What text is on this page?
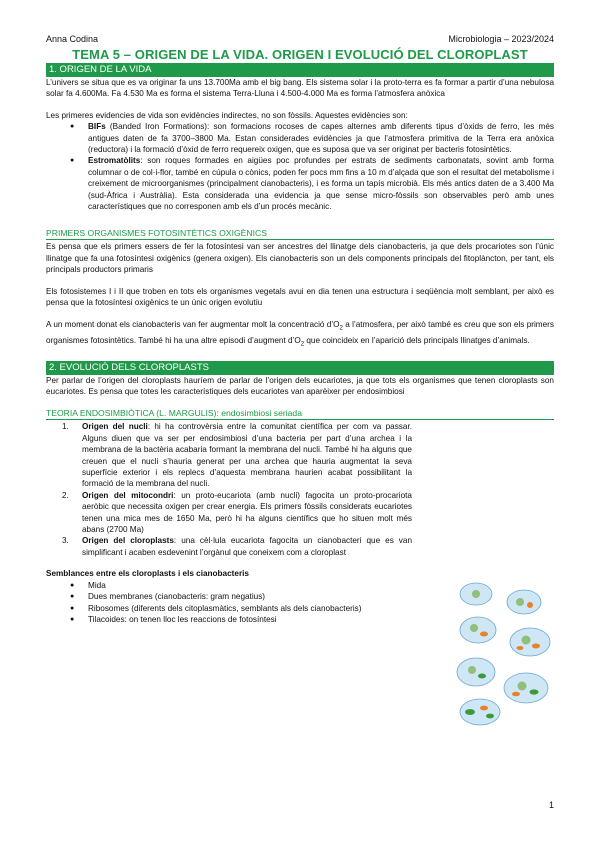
Anna Codina	Microbiologia – 2023/2024
TEMA 5 – ORIGEN DE LA VIDA. ORIGEN I EVOLUCIÓ DEL CLOROPLAST
1. ORIGEN DE LA VIDA

L’univers se situa que es va originar fa uns 13.700Ma amb el big bang. Els sistema solar i la proto-terra es fa formar a partir d’una nebulosa solar fa 4.600Ma. Fa 4.530 Ma es forma el sistema Terra-Lluna i 4.500-4.000 Ma es forma l’atmosfera anòxica

Les primeres evidencies de vida son evidències indirectes, no son fòssils. Aquestes evidències son:

● BIFs (Banded Iron Formations): son formacions rocoses de capes alternes amb diferents tipus d’òxids de ferro, les més antigues daten de fa 3700–3800 Ma. Estan considerades evidències ja que l’atmosfera primitiva de la Terra era anòxica (reductora) i la formació d’òxid de ferro requereix oxigen, que es suposa que va ser originat per bacteris fotosintètics.
● Estromatòlits: son roques formades en aigües poc profundes per estrats de sediments carbonatats, sovint amb forma columnar o de col·i-flor, també en cúpula o cònics, poden fer pocs mm fins a 10 m d’alçada que son el resultat del metabolisme i creixement de microorganismes (principalment cianobacteris), i es forma un tapís microbià. Els més antics daten de a 3.400 Ma (sud-Àfrica i Austràlia). Esta considerada una evidencia ja que sense micro-fòssils son observables però amb unes característiques que no corresponen amb els d’un procés mecànic.
PRIMERS ORGANISMES FOTOSINTÈTICS OXIGÈNICS

Es pensa que els primers essers de fer la fotosíntesi van ser ancestres del llinatge dels cianobacteris, ja que dels procariotes son l’únic llinatge que fa una fotosíntesi oxigènics (genera oxigen). Els cianobacteris son un dels components principals del fitoplàncton, per tant, els principals productors primaris

Els fotosistemes I i II que troben en tots els organismes vegetals avui en dia tenen una estructura i seqüència molt semblant, per això es pensa que la fotosíntesi oxigènics te un únic origen evolutiu

A un moment donat els cianobacteris van fer augmentar molt la concentració $d’O_2$ a l’atmosfera, per això també es creu que son els primers organismes fotosintètics. També hi ha una altre episodi d’augment $d’O_2$ que coincideix en l’aparició dels principals llinatges d’animals.

2. EVOLUCIÓ DELS CLOROPLASTS

Per parlar de l’origen del cloroplasts hauríem de parlar de l’origen dels eucariotes, ja que tots els organismes que tenen cloroplasts son eucariotes. Es pensa que totes les característiques dels eucariotes van aparèixer per endosimbiosi

TEORIA ENDOSIMBIÒTICA (L. MARGULIS): endosimbiosi seriada
1. Origen del nucli: hi ha controvèrsia entre la comunitat científica per com va passar. Alguns diuen que va ser per endosimbiosi d’una bacteria per part d’una archea i la membrana de la bactèria acabaria formant la membrana del nucli. També hi ha alguns que creuen que el nucli s’hauria generat per una archea que hauria augmentat la seva superfície exterior i els replecs d’aquesta membrana haurien acabat possibilitant la formació de la membrana del nucli.
2. Origen del mitocondri: un proto-eucariota (amb nucli) fagocita un proto-procariota aeròbic que necessita oxigen per crear energia. Els primers fòssils considerats eucariotes tenen una mica mes de 1650 Ma, però hi ha alguns científics que ho situen molt més abans (2700 Ma)
3. Origen del cloroplasts: una cèl·lula eucariota fagocita un cianobacteri que es van simplificant i acaben esdevenint l’orgànul que coneixem com a cloroplast

Semblances entre els cloroplasts i els cianobacteris

● Mida
● Dues membranes (cianobacteris: gram negatius)
● Ribosomes (diferents dels citoplasmàtics, semblants als dels cianobacteris)
● Tilacoides: on tenen lloc les reaccions de fotosíntesi
1
